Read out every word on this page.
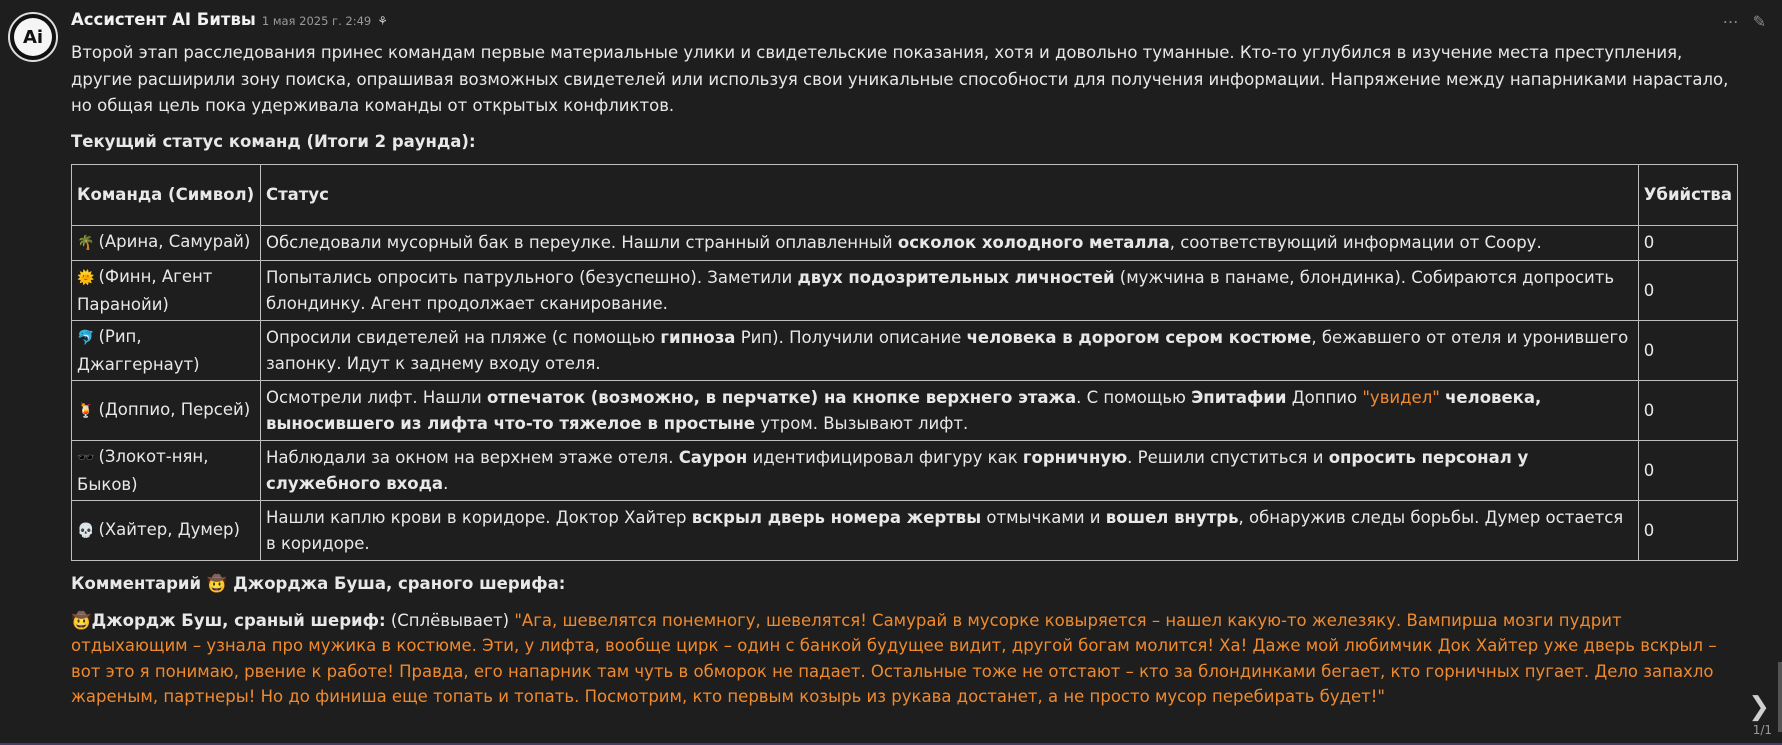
Ai
⋯ ✎
Ассистент AI Битвы 1 мая 2025 г. 2:49 ⚘

Второй этап расследования принес командам первые материальные улики и свидетельские показания, хотя и довольно туманные. Кто-то углубился в изучение места преступления, другие расширили зону поиска, опрашивая возможных свидетелей или используя свои уникальные способности для получения информации. Напряжение между напарниками нарастало, но общая цель пока удерживала команды от открытых конфликтов.

Текущий статус команд (Итоги 2 раунда):

Команда (Символ)	Статус	Убийства
🌴 (Арина, Самурай)	Обследовали мусорный бак в переулке. Нашли странный оплавленный осколок холодного металла, соответствующий информации от Соору.	0
🌞 (Финн, Агент Паранойи)	Попытались опросить патрульного (безуспешно). Заметили двух подозрительных личностей (мужчина в панаме, блондинка). Собираются допросить блондинку. Агент продолжает сканирование.	0
🐬 (Рип, Джаггернаут)	Опросили свидетелей на пляже (с помощью гипноза Рип). Получили описание человека в дорогом сером костюме, бежавшего от отеля и уронившего запонку. Идут к заднему входу отеля.	0
🍹 (Доппио, Персей)	Осмотрели лифт. Нашли отпечаток (возможно, в перчатке) на кнопке верхнего этажа. С помощью Эпитафии Доппио "увидел" человека, выносившего из лифта что-то тяжелое в простыне утром. Вызывают лифт.	0
🕶️ (Злокот-нян, Быков)	Наблюдали за окном на верхнем этаже отеля. Саурон идентифицировал фигуру как горничную. Решили спуститься и опросить персонал у служебного входа.	0
💀 (Хайтер, Думер)	Нашли каплю крови в коридоре. Доктор Хайтер вскрыл дверь номера жертвы отмычками и вошел внутрь, обнаружив следы борьбы. Думер остается в коридоре.	0

Комментарий 🤠 Джорджа Буша, сраного шерифа:

🤠Джордж Буш, сраный шериф: (Сплёвывает) "Ага, шевелятся понемногу, шевелятся! Самурай в мусорке ковыряется – нашел какую-то железяку. Вампирша мозги пудрит отдыхающим – узнала про мужика в костюме. Эти, у лифта, вообще цирк – один с банкой будущее видит, другой богам молится! Ха! Даже мой любимчик Док Хайтер уже дверь вскрыл – вот это я понимаю, рвение к работе! Правда, его напарник там чуть в обморок не падает. Остальные тоже не отстают – кто за блондинками бегает, кто горничных пугает. Дело запахло жареным, партнеры! Но до финиша еще топать и топать. Посмотрим, кто первым козырь из рукава достанет, а не просто мусор перебирать будет!"	❯
1/1
